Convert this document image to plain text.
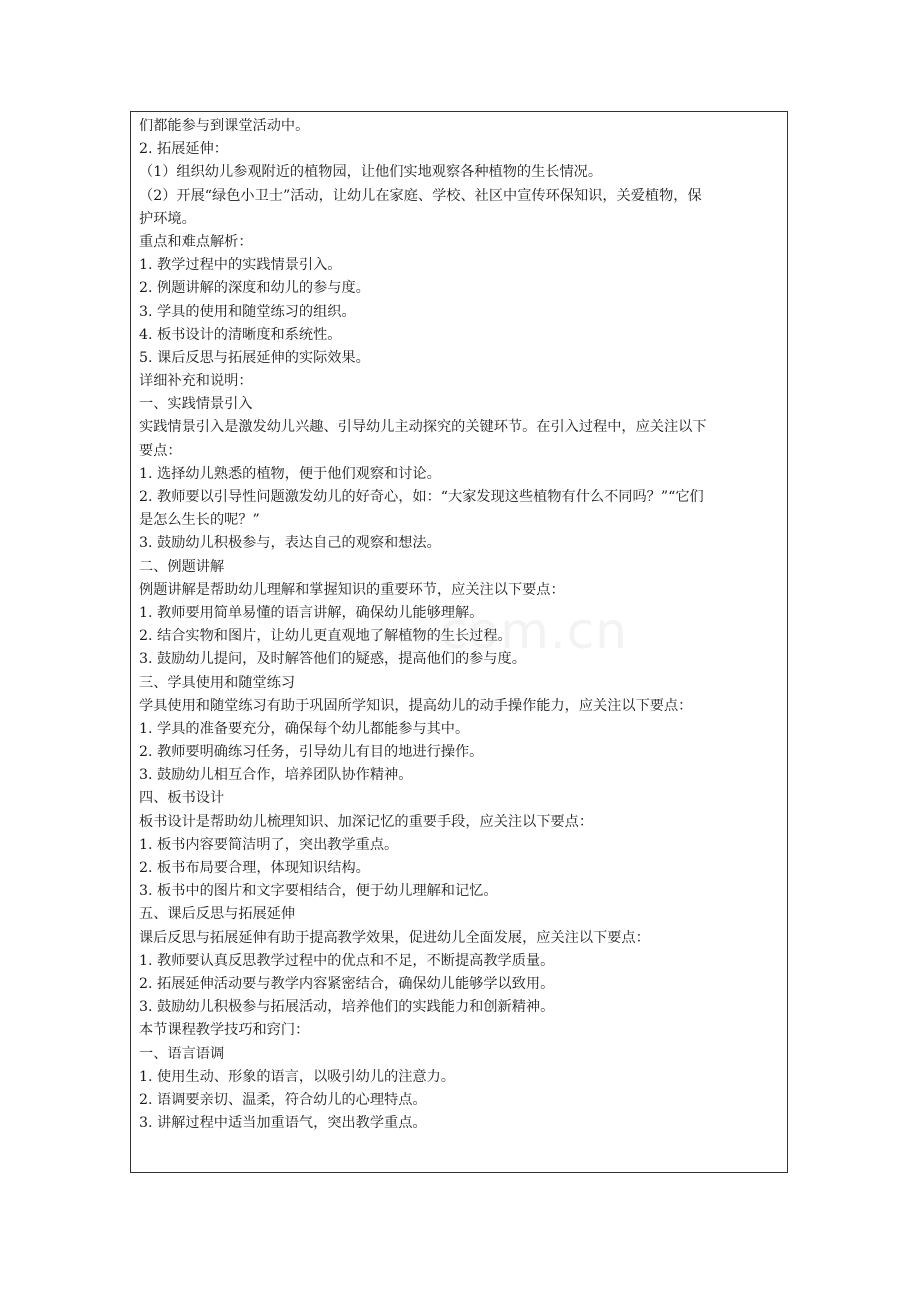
们都能参与到课堂活动中。
2. 拓展延伸：
（1）组织幼儿参观附近的植物园，让他们实地观察各种植物的生长情况。
（2）开展“绿色小卫士”活动，让幼儿在家庭、学校、社区中宣传环保知识，关爱植物，保
护环境。
重点和难点解析：
1. 教学过程中的实践情景引入。
2. 例题讲解的深度和幼儿的参与度。
3. 学具的使用和随堂练习的组织。
4. 板书设计的清晰度和系统性。
5. 课后反思与拓展延伸的实际效果。
详细补充和说明：
一、实践情景引入
实践情景引入是激发幼儿兴趣、引导幼儿主动探究的关键环节。在引入过程中，应关注以下
要点：
1. 选择幼儿熟悉的植物，便于他们观察和讨论。
2. 教师要以引导性问题激发幼儿的好奇心，如：“大家发现这些植物有什么不同吗？”“它们
是怎么生长的呢？”
3. 鼓励幼儿积极参与，表达自己的观察和想法。
二、例题讲解
例题讲解是帮助幼儿理解和掌握知识的重要环节，应关注以下要点：
1. 教师要用简单易懂的语言讲解，确保幼儿能够理解。
2. 结合实物和图片，让幼儿更直观地了解植物的生长过程。
3. 鼓励幼儿提问，及时解答他们的疑惑，提高他们的参与度。
三、学具使用和随堂练习
学具使用和随堂练习有助于巩固所学知识，提高幼儿的动手操作能力，应关注以下要点：
1. 学具的准备要充分，确保每个幼儿都能参与其中。
2. 教师要明确练习任务，引导幼儿有目的地进行操作。
3. 鼓励幼儿相互合作，培养团队协作精神。
四、板书设计
板书设计是帮助幼儿梳理知识、加深记忆的重要手段，应关注以下要点：
1. 板书内容要简洁明了，突出教学重点。
2. 板书布局要合理，体现知识结构。
3. 板书中的图片和文字要相结合，便于幼儿理解和记忆。
五、课后反思与拓展延伸
课后反思与拓展延伸有助于提高教学效果，促进幼儿全面发展，应关注以下要点：
1. 教师要认真反思教学过程中的优点和不足，不断提高教学质量。
2. 拓展延伸活动要与教学内容紧密结合，确保幼儿能够学以致用。
3. 鼓励幼儿积极参与拓展活动，培养他们的实践能力和创新精神。
本节课程教学技巧和窍门：
一、语言语调
1. 使用生动、形象的语言，以吸引幼儿的注意力。
2. 语调要亲切、温柔，符合幼儿的心理特点。
3. 讲解过程中适当加重语气，突出教学重点。
com.cn
